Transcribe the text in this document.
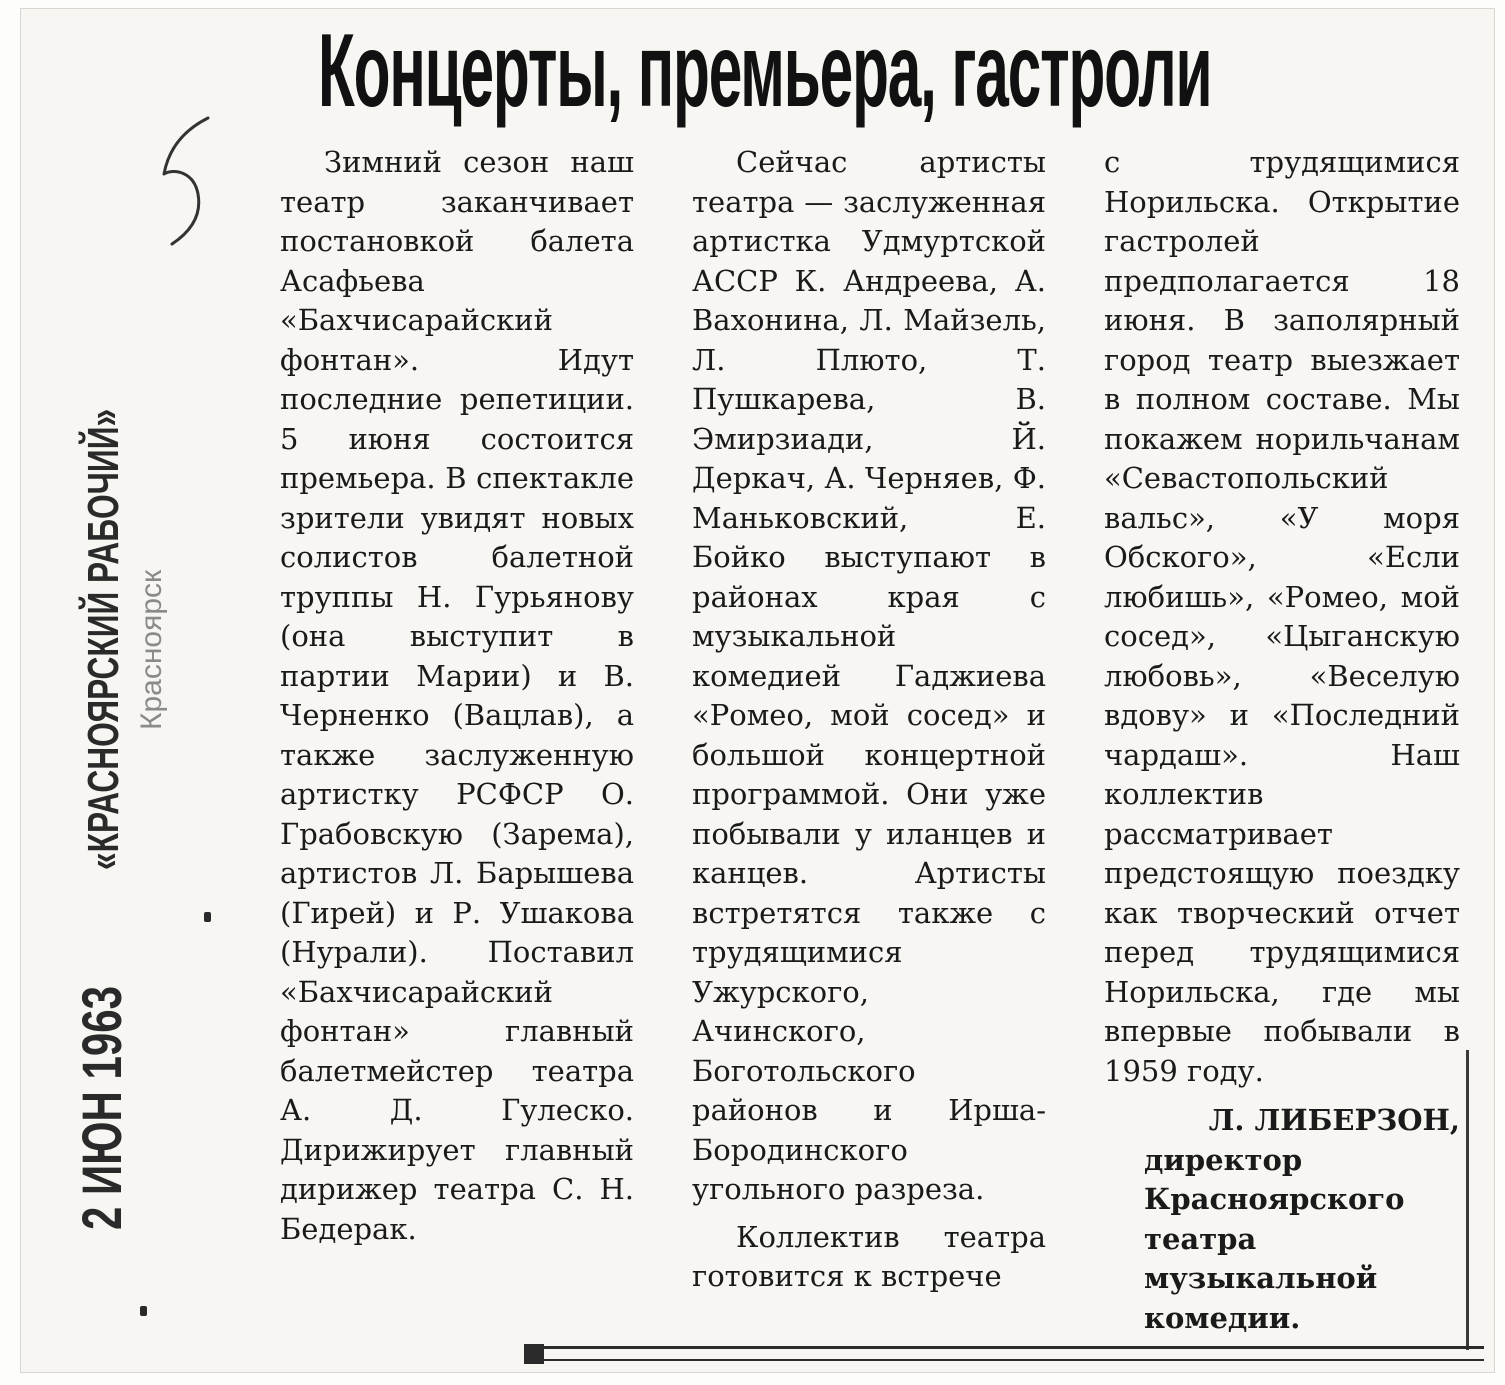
Концерты, премьера, гастроли
2 ИЮН 1963
«КРАСНОЯРСКИЙ РАБОЧИЙ» Красноярск

Зимний сезон наш театр заканчивает постановкой балета Асафьева «Бахчисарайский фонтан». Идут последние репетиции. 5 июня состоится премьера. В спектакле зрители увидят новых солистов балетной труппы Н. Гурьянову (она выступит в партии Марии) и В. Черненко (Вацлав), а также заслуженную артистку РСФСР О. Грабовскую (Зарема), артистов Л. Барышева (Гирей) и Р. Ушакова (Нурали). Поставил «Бахчисарайский фонтан» главный балетмейстер театра А. Д. Гулеско. Дирижирует главный дирижер театра С. Н. Бедерак.

Сейчас артисты театра — заслуженная артистка Удмуртской АССР К. Андреева, А. Вахонина, Л. Майзель, Л. Плюто, Т. Пушкарева, В. Эмирзиади, Й. Деркач, А. Черняев, Ф. Маньковский, Е. Бойко выступают в районах края с музыкальной комедией Гаджиева «Ромео, мой сосед» и большой концертной программой. Они уже побывали у иланцев и канцев. Артисты встретятся также с трудящимися Ужурского, Ачинского, Боготольского районов и Ирша-Бородинского угольного разреза.

Коллектив театра готовится к встрече

с трудящимися Норильска. Открытие гастролей предполагается 18 июня. В заполярный город театр выезжает в полном составе. Мы покажем норильчанам «Севастопольский вальс», «У моря Обского», «Если любишь», «Ромео, мой сосед», «Цыганскую любовь», «Веселую вдову» и «Последний чардаш». Наш коллектив рассматривает предстоящую поездку как творческий отчет перед трудящимися Норильска, где мы впервые побывали в 1959 году.

Л. ЛИБЕРЗОН,
директор Красноярского театра музыкальной комедии.
